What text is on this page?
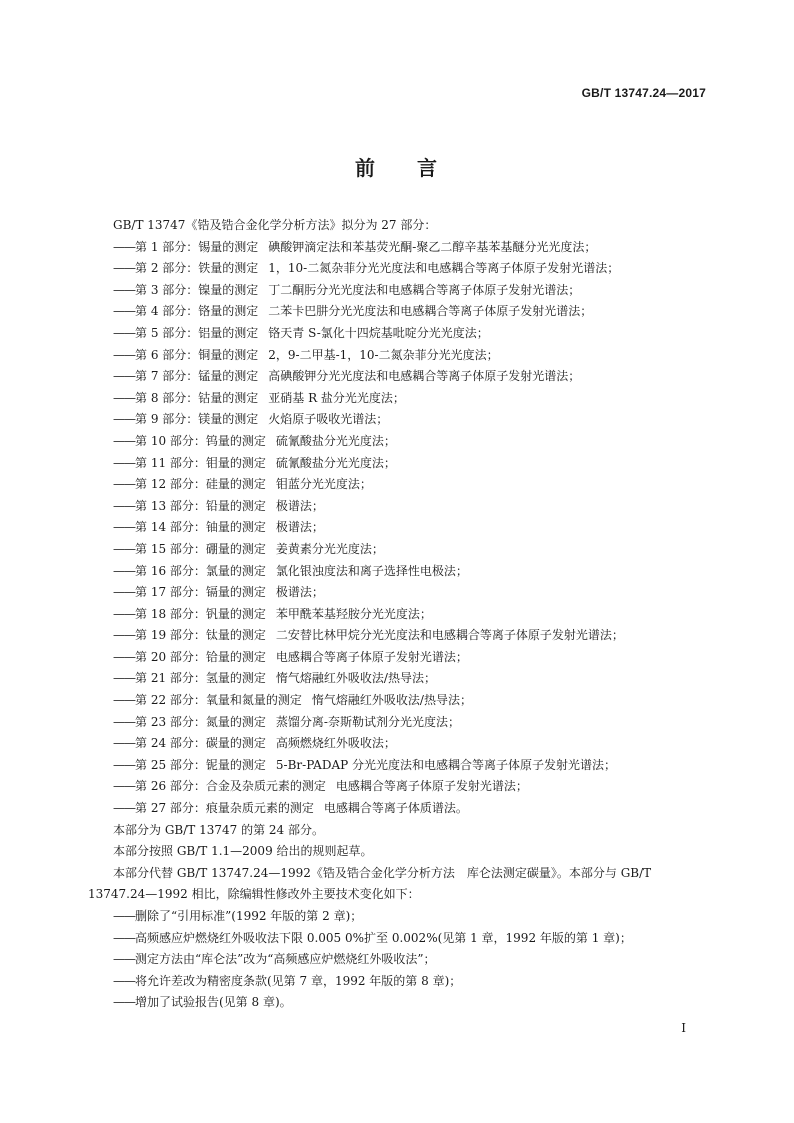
GB/T 13747.24—2017
前 言

GB/T 13747《锆及锆合金化学分析方法》拟分为 27 部分：

——第 1 部分：锡量的测定 碘酸钾滴定法和苯基荧光酮-聚乙二醇辛基苯基醚分光光度法；

——第 2 部分：铁量的测定 1，10-二氮杂菲分光光度法和电感耦合等离子体原子发射光谱法；

——第 3 部分：镍量的测定 丁二酮肟分光光度法和电感耦合等离子体原子发射光谱法；

——第 4 部分：铬量的测定 二苯卡巴肼分光光度法和电感耦合等离子体原子发射光谱法；

——第 5 部分：铝量的测定 铬天青 S-氯化十四烷基吡啶分光光度法；

——第 6 部分：铜量的测定 2，9-二甲基-1，10-二氮杂菲分光光度法；

——第 7 部分：锰量的测定 高碘酸钾分光光度法和电感耦合等离子体原子发射光谱法；

——第 8 部分：钴量的测定 亚硝基 R 盐分光光度法；

——第 9 部分：镁量的测定 火焰原子吸收光谱法；

——第 10 部分：钨量的测定 硫氰酸盐分光光度法；

——第 11 部分：钼量的测定 硫氰酸盐分光光度法；

——第 12 部分：硅量的测定 钼蓝分光光度法；

——第 13 部分：铅量的测定 极谱法；

——第 14 部分：铀量的测定 极谱法；

——第 15 部分：硼量的测定 姜黄素分光光度法；

——第 16 部分：氯量的测定 氯化银浊度法和离子选择性电极法；

——第 17 部分：镉量的测定 极谱法；

——第 18 部分：钒量的测定 苯甲酰苯基羟胺分光光度法；

——第 19 部分：钛量的测定 二安替比林甲烷分光光度法和电感耦合等离子体原子发射光谱法；

——第 20 部分：铪量的测定 电感耦合等离子体原子发射光谱法；

——第 21 部分：氢量的测定 惰气熔融红外吸收法/热导法；

——第 22 部分：氧量和氮量的测定 惰气熔融红外吸收法/热导法；

——第 23 部分：氮量的测定 蒸馏分离-奈斯勒试剂分光光度法；

——第 24 部分：碳量的测定 高频燃烧红外吸收法；

——第 25 部分：铌量的测定 5-Br-PADAP 分光光度法和电感耦合等离子体原子发射光谱法；

——第 26 部分：合金及杂质元素的测定 电感耦合等离子体原子发射光谱法；

——第 27 部分：痕量杂质元素的测定 电感耦合等离子体质谱法。

本部分为 GB/T 13747 的第 24 部分。

本部分按照 GB/T 1.1—2009 给出的规则起草。

本部分代替 GB/T 13747.24—1992《锆及锆合金化学分析方法　库仑法测定碳量》。本部分与 GB/T 13747.24—1992 相比，除编辑性修改外主要技术变化如下：

——删除了“引用标准”(1992 年版的第 2 章)；

——高频感应炉燃烧红外吸收法下限 0.005 0%扩至 0.002%(见第 1 章，1992 年版的第 1 章)；

——测定方法由“库仑法”改为“高频感应炉燃烧红外吸收法”；

——将允许差改为精密度条款(见第 7 章，1992 年版的第 8 章)；

——增加了试验报告(见第 8 章)。

I
